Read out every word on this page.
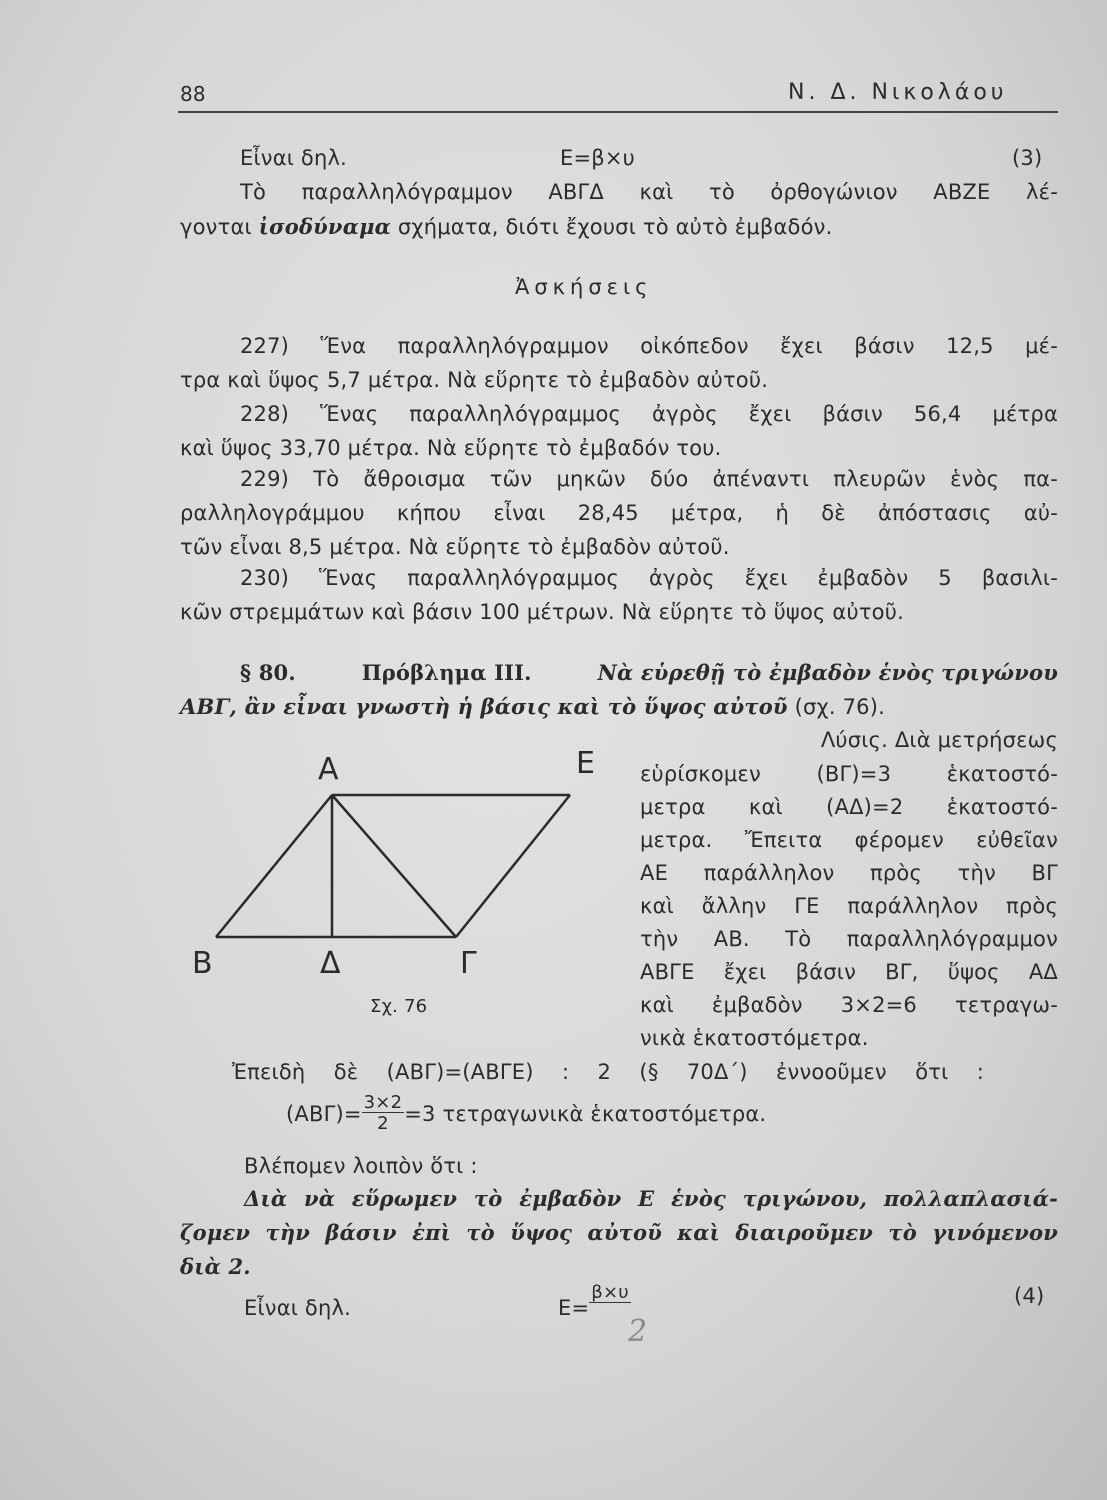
88	Ν. Δ. Νικολάου
Εἶναι δηλ.	Ε=β×υ	(3)
Τὸ παραλληλόγραμμον ΑΒΓΔ καὶ τὸ ὀρθογώνιον ΑΒΖΕ λέ-
γονται ἰσοδύναμα σχήματα, διότι ἔχουσι τὸ αὐτὸ ἐμβαδόν.
Ἀσκήσεις
227) Ἕνα παραλληλόγραμμον οἰκόπεδον ἔχει βάσιν 12,5 μέ-
τρα καὶ ὕψος 5,7 μέτρα. Νὰ εὕρητε τὸ ἐμβαδὸν αὐτοῦ.
228) Ἕνας παραλληλόγραμμος ἀγρὸς ἔχει βάσιν 56,4 μέτρα
καὶ ὕψος 33,70 μέτρα. Νὰ εὕρητε τὸ ἐμβαδόν του.
229) Τὸ ἄθροισμα τῶν μηκῶν δύο ἀπέναντι πλευρῶν ἑνὸς πα-
ραλληλογράμμου κήπου εἶναι 28,45 μέτρα, ἡ δὲ ἀπόστασις αὐ-
τῶν εἶναι 8,5 μέτρα. Νὰ εὕρητε τὸ ἐμβαδὸν αὐτοῦ.
230) Ἕνας παραλληλόγραμμος ἀγρὸς ἔχει ἐμβαδὸν 5 βασιλι-
κῶν στρεμμάτων καὶ βάσιν 100 μέτρων. Νὰ εὕρητε τὸ ὕψος αὐτοῦ.
§ 80.	Πρόβλημα III.	Νὰ εὑρεθῇ τὸ ἐμβαδὸν ἑνὸς τριγώνου
ΑΒΓ, ἂν εἶναι γνωστὴ ἡ βάσις καὶ τὸ ὕψος αὐτοῦ (σχ. 76).
Α	Ε
Β	Δ	Γ
Σχ. 76
Λύσις. Διὰ μετρήσεως
εὑρίσκομεν (ΒΓ)=3 ἑκατοστό-
μετρα καὶ (ΑΔ)=2 ἑκατοστό-
μετρα. Ἔπειτα φέρομεν εὐθεῖαν
ΑΕ παράλληλον πρὸς τὴν ΒΓ
καὶ ἄλλην ΓΕ παράλληλον πρὸς
τὴν ΑΒ. Τὸ παραλληλόγραμμον
ΑΒΓΕ ἔχει βάσιν ΒΓ, ὕψος ΑΔ
καὶ ἐμβαδὸν 3×2=6 τετραγω-
νικὰ ἑκατοστόμετρα.
Ἐπειδὴ δὲ (ΑΒΓ)=(ΑΒΓΕ) : 2 (§ 70Δ΄) ἐννοοῦμεν ὅτι :
$(AB\Gamma)= \frac{3\times 2}{2} =3$ τετραγωνικὰ ἑκατοστόμετρα.
Βλέπομεν λοιπὸν ὅτι :
Διὰ νὰ εὕρωμεν τὸ ἐμβαδὸν Ε ἑνὸς τριγώνου, πολλαπλασιά-
ζομεν τὴν βάσιν ἐπὶ τὸ ὕψος αὐτοῦ καὶ διαιροῦμεν τὸ γινόμενον
διὰ 2.
Εἶναι δηλ.	Ε=
β×υ	(4)
2
